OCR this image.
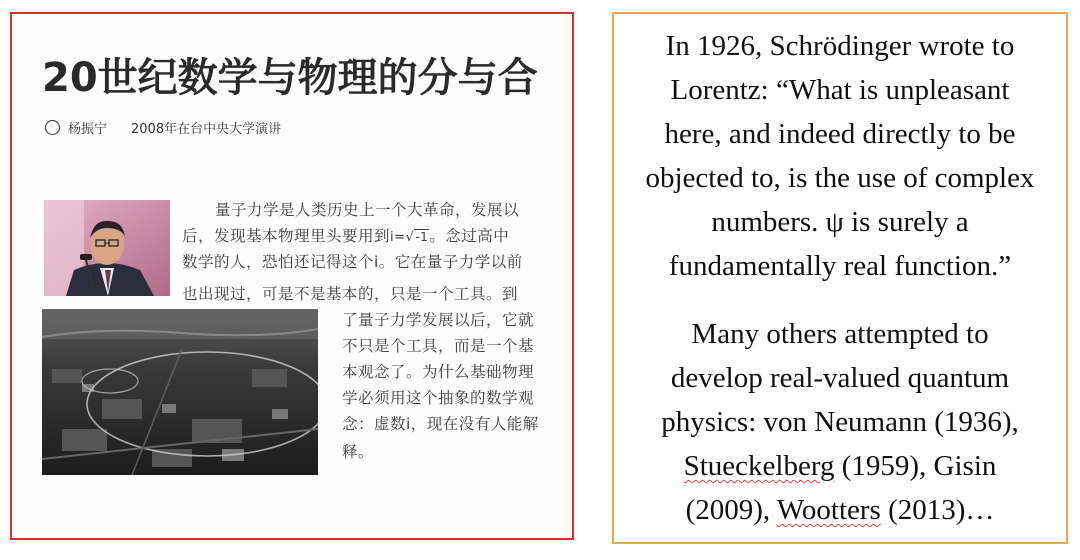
20世纪数学与物理的分与合
杨振宁 2008年在台中央大学演讲
量子力学是人类历史上一个大革命，发展以
后，发现基本物理里头要用到i=√-1。念过高中
数学的人，恐怕还记得这个i。它在量子力学以前
也出现过，可是不是基本的，只是一个工具。到
了量子力学发展以后，它就
不只是个工具，而是一个基
本观念了。为什么基础物理
学必须用这个抽象的数学观
念：虚数i，现在没有人能解
释。
In 1926, Schrödinger wrote to
Lorentz: “What is unpleasant
here, and indeed directly to be
objected to, is the use of complex
numbers. ψ is surely a
fundamentally real function.”
Many others attempted to
develop real-valued quantum
physics: von Neumann (1936),
Stueckelberg (1959), Gisin
(2009), Wootters (2013)…
